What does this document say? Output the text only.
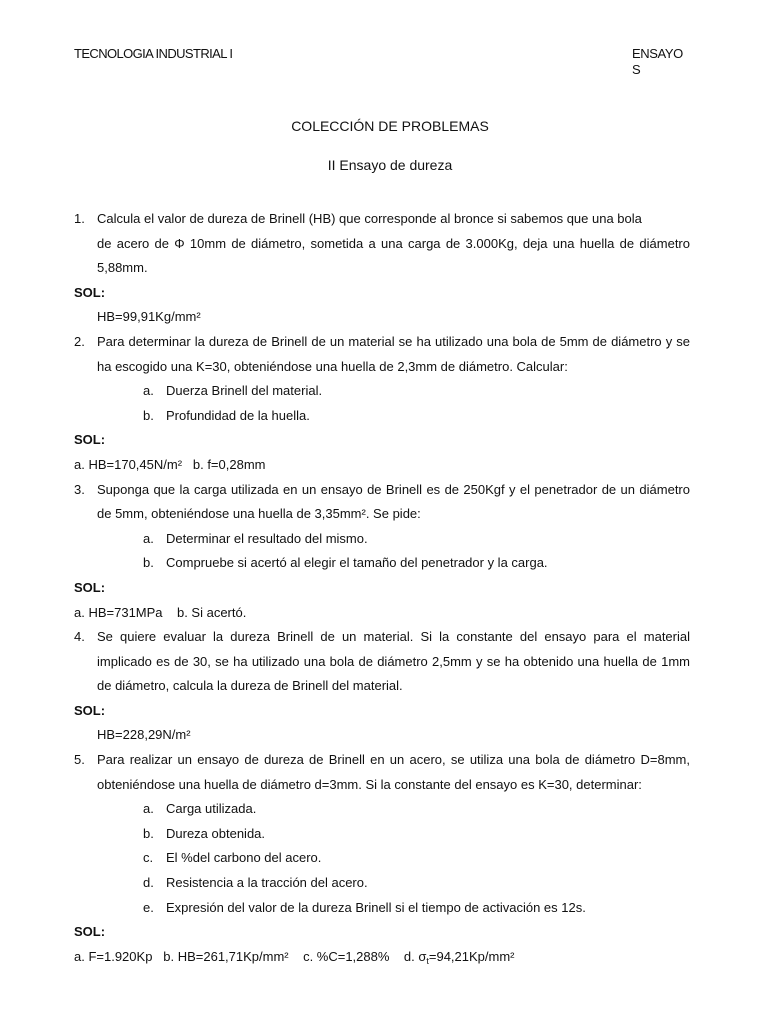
TECNOLOGIA INDUSTRIAL I	ENSAYO
S
COLECCIÓN DE PROBLEMAS
II Ensayo de dureza
1. Calcula el valor de dureza de Brinell (HB) que corresponde al bronce si sabemos que una bola
de acero de Φ 10mm de diámetro, sometida a una carga de 3.000Kg, deja una huella de diámetro 5,88mm.
SOL:
HB=99,91Kg/mm²
2. Para determinar la dureza de Brinell de un material se ha utilizado una bola de 5mm de diámetro y se ha escogido una K=30, obteniéndose una huella de 2,3mm de diámetro. Calcular:
a. Duerza Brinell del material.
b. Profundidad de la huella.
SOL:
a. HB=170,45N/m²   b. f=0,28mm
3. Suponga que la carga utilizada en un ensayo de Brinell es de 250Kgf y el penetrador de un diámetro de 5mm, obteniéndose una huella de 3,35mm². Se pide:
a. Determinar el resultado del mismo.
b. Compruebe si acertó al elegir el tamaño del penetrador y la carga.
SOL:
a. HB=731MPa    b. Si acertó.
4. Se quiere evaluar la dureza Brinell de un material. Si la constante del ensayo para el material implicado es de 30, se ha utilizado una bola de diámetro 2,5mm y se ha obtenido una huella de 1mm de diámetro, calcula la dureza de Brinell del material.
SOL:
HB=228,29N/m²
5. Para realizar un ensayo de dureza de Brinell en un acero, se utiliza una bola de diámetro D=8mm, obteniéndose una huella de diámetro d=3mm. Si la constante del ensayo es K=30, determinar:
a. Carga utilizada.
b. Dureza obtenida.
c. El %del carbono del acero.
d. Resistencia a la tracción del acero.
e. Expresión del valor de la dureza Brinell si el tiempo de activación es 12s.
SOL:
a. F=1.920Kp   b. HB=261,71Kp/mm²    c. %C=1,288%    d. $\sigma_t=94,21Kp$/mm²
